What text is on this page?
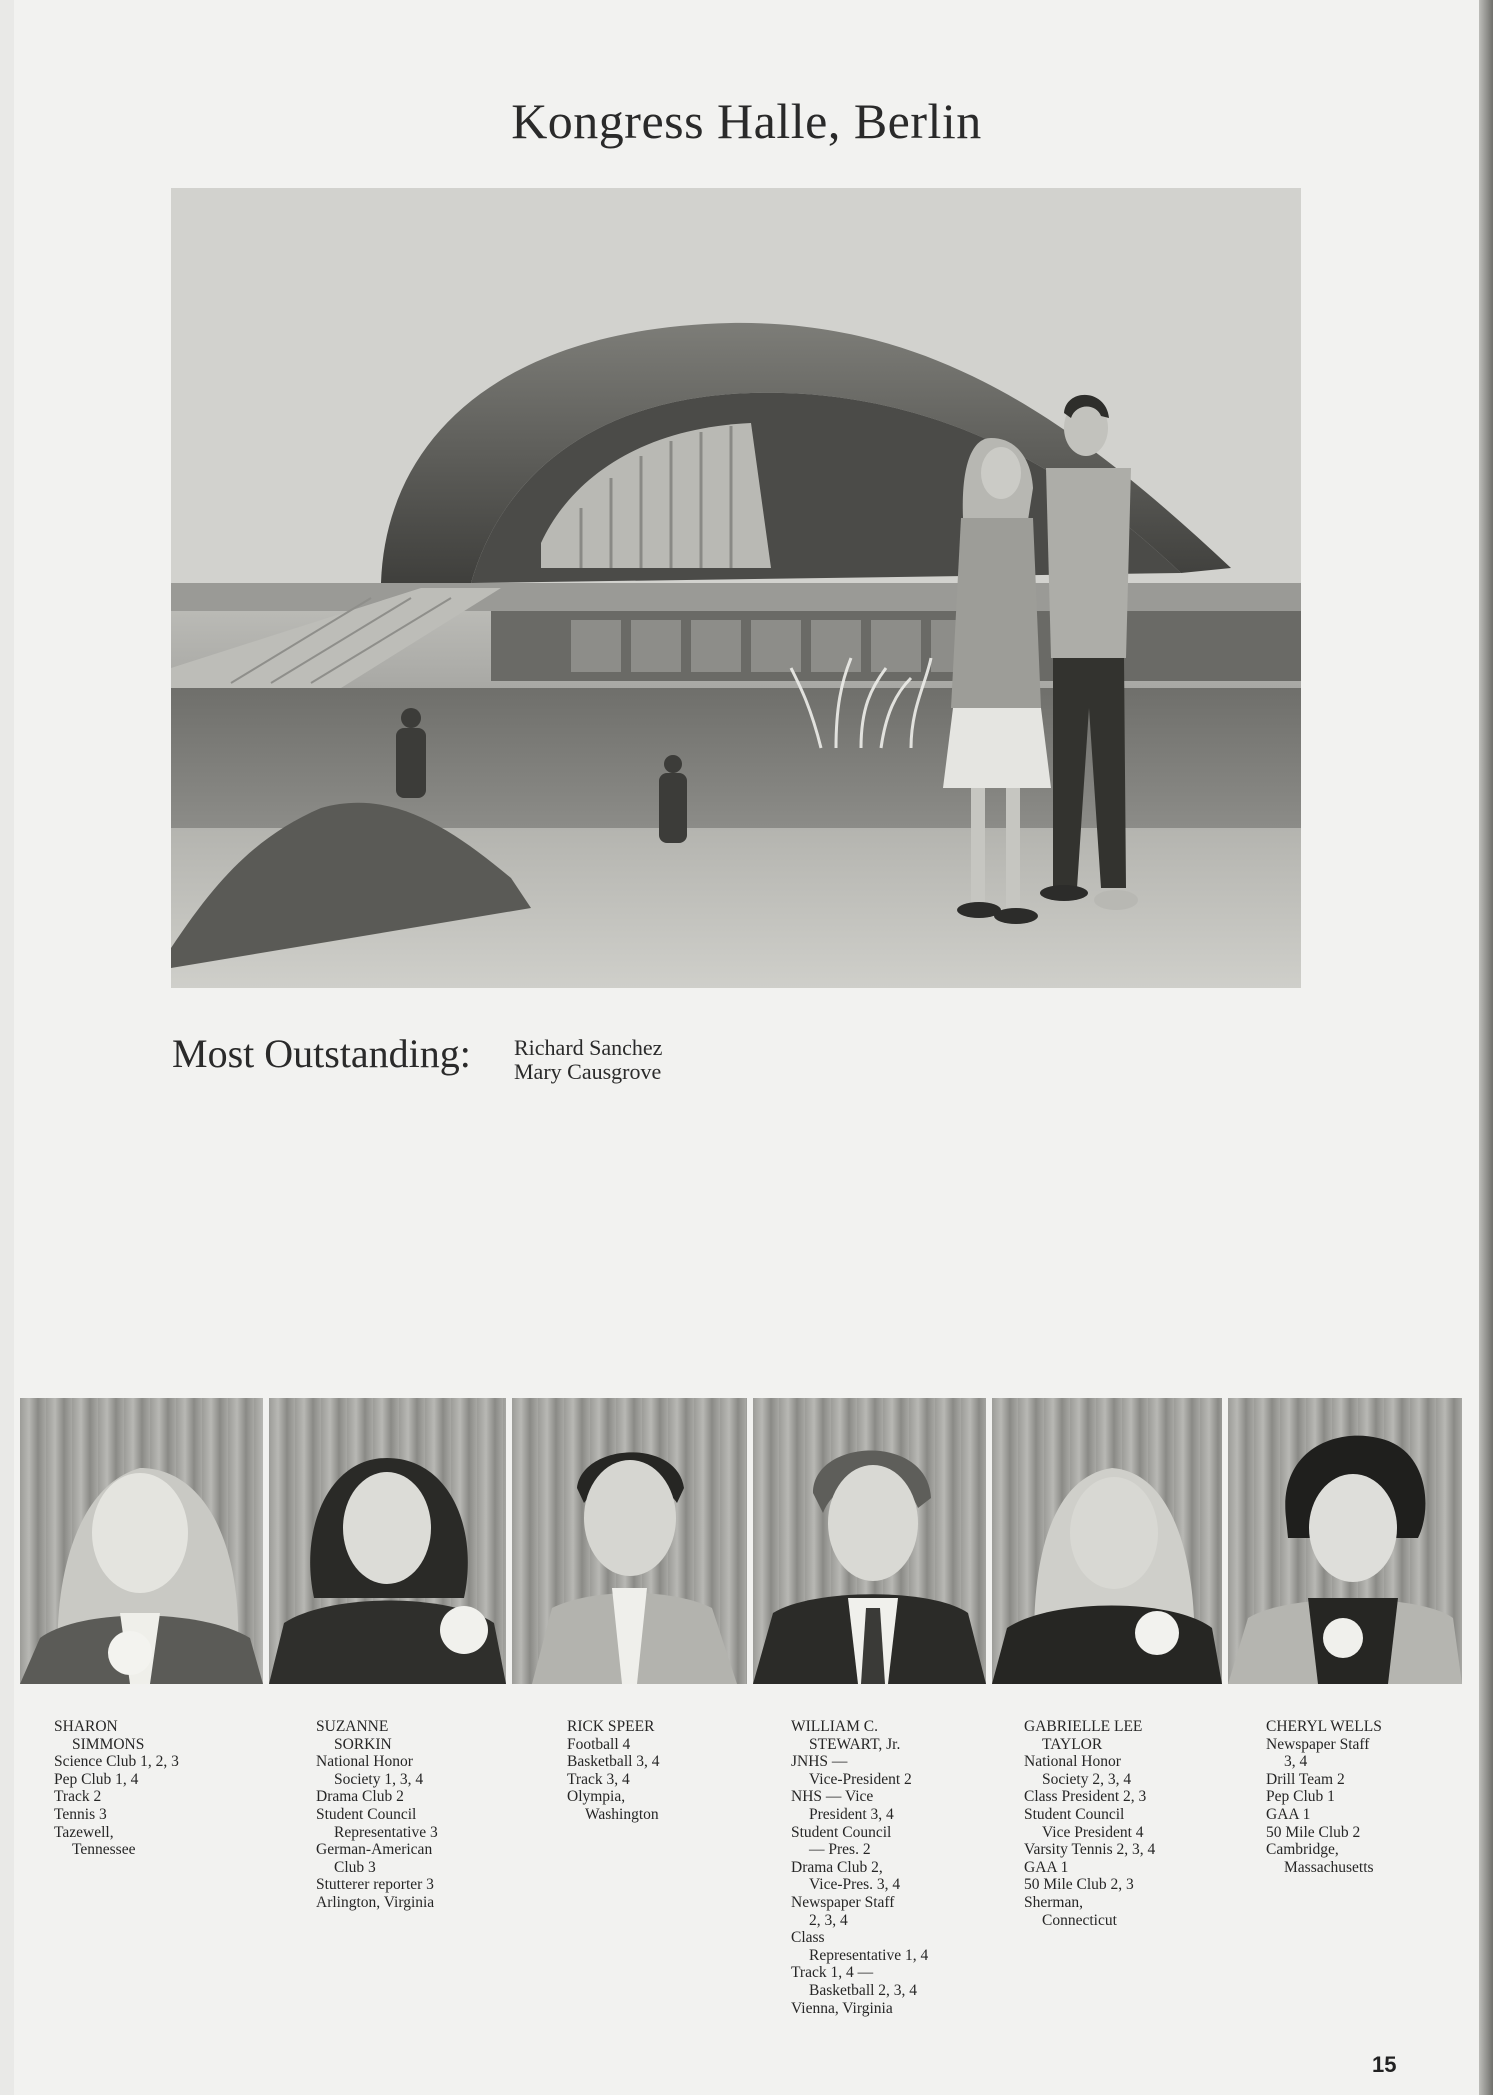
Kongress Halle, Berlin
Most Outstanding: Richard Sanchez
Mary Causgrove
15
SHARON
SIMMONS
Science Club 1, 2, 3
Pep Club 1, 4
Track 2
Tennis 3
Tazewell,
Tennessee
SUZANNE
SORKIN
National Honor
Society 1, 3, 4
Drama Club 2
Student Council
Representative 3
German-American
Club 3
Stutterer reporter 3
Arlington, Virginia
RICK SPEER
Football 4
Basketball 3, 4
Track 3, 4
Olympia,
Washington
WILLIAM C.
STEWART, Jr.
JNHS —
Vice-President 2
NHS — Vice
President 3, 4
Student Council
— Pres. 2
Drama Club 2,
Vice-Pres. 3, 4
Newspaper Staff
2, 3, 4
Class
Representative 1, 4
Track 1, 4 —
Basketball 2, 3, 4
Vienna, Virginia
GABRIELLE LEE
TAYLOR
National Honor
Society 2, 3, 4
Class President 2, 3
Student Council
Vice President 4
Varsity Tennis 2, 3, 4
GAA 1
50 Mile Club 2, 3
Sherman,
Connecticut
CHERYL WELLS
Newspaper Staff
3, 4
Drill Team 2
Pep Club 1
GAA 1
50 Mile Club 2
Cambridge,
Massachusetts
